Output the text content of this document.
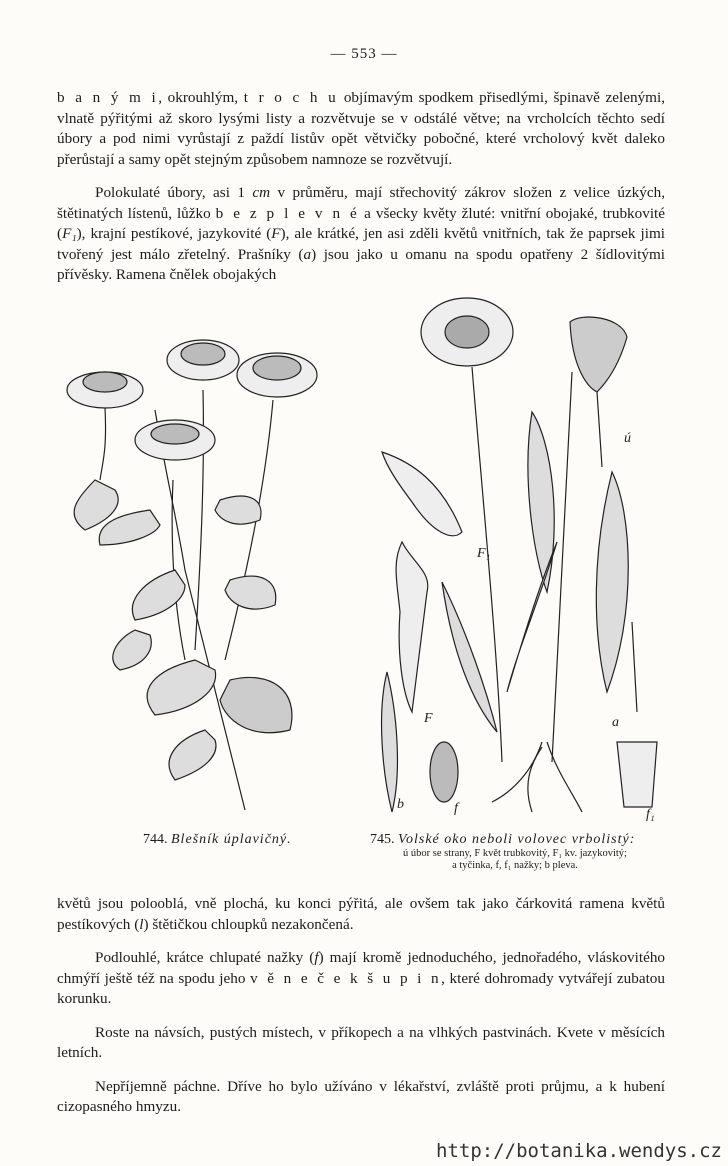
— 553 —

b a n ý m i, okrouhlým, t r o c h u objímavým spodkem přisedlými, špinavě zelenými, vlnatě pýřitými až skoro lysými listy a rozvětvuje se v odstálé větve; na vrcholcích těchto sedí úbory a pod nimi vyrůstají z paždí listův opět větvičky pobočné, které vrcholový květ daleko přerůstají a samy opět stejným způsobem namnoze se rozvětvují.

Polokulaté úbory, asi 1 cm v průměru, mají střechovitý zákrov složen z velice úzkých, štětinatých lístenů, lůžko b e z p l e v n é a všecky květy žluté: vnitřní obojaké, trubkovité (F₁), krajní pestíkové, jazykovité (F), ale krátké, jen asi zděli květů vnitřních, tak že paprsek jimi tvořený jest málo zřetelný. Prašníky (a) jsou jako u omanu na spodu opatřeny 2 šídlovitými přívěsky. Ramena čnělek obojakých

ú
F₁
F	a
b	f	f₁
744. Blešník úplavičný.	745. Volské oko neboli volovec vrbolistý:
ú úbor se strany, F květ trubkovitý, F₁ kv. jazykovitý;
a tyčinka, f, f₁ nažky; b pleva.

květů jsou polooblá, vně plochá, ku konci pýřitá, ale ovšem tak jako čárkovitá ramena květů pestíkových (l) štětičkou chloupků nezakončená.

Podlouhlé, krátce chlupaté nažky (f) mají kromě jednoduchého, jednořadého, vláskovitého chmýří ještě též na spodu jeho v ě n e č e k š u p i n, které dohromady vytvářejí zubatou korunku.

Roste na návsích, pustých místech, v příkopech a na vlhkých pastvinách. Kvete v měsících letních.

Nepříjemně páchne. Dříve ho bylo užíváno v lékařství, zvláště proti průjmu, a k hubení cizopasného hmyzu.

http://botanika.wendys.cz
